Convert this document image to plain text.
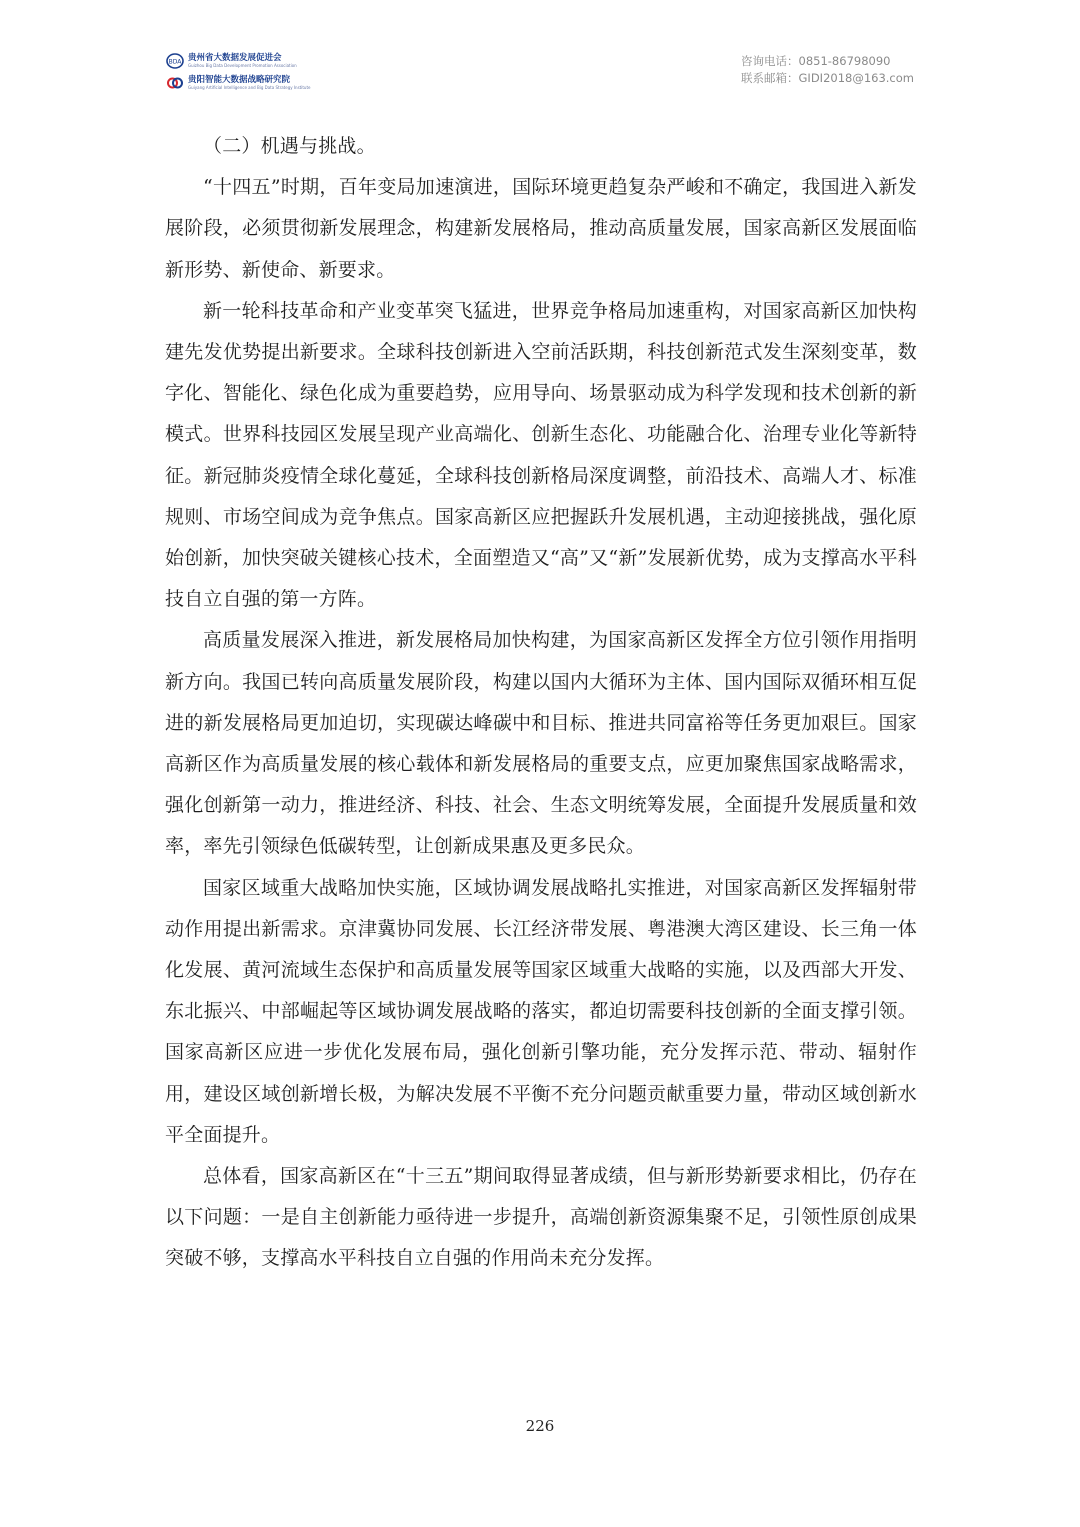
BDA 贵州省大数据发展促进会
Guizhou Big Data Development Promotion Association
贵阳智能大数据战略研究院
Guiyang Artificial Intelligence and Big Data Strategy Institute
咨询电话：0851-86798090
联系邮箱：GIDI2018@163.com

（二）机遇与挑战。

“十四五”时期，百年变局加速演进，国际环境更趋复杂严峻和不确定，我国进入新发展阶段，必须贯彻新发展理念，构建新发展格局，推动高质量发展，国家高新区发展面临新形势、新使命、新要求。

新一轮科技革命和产业变革突飞猛进，世界竞争格局加速重构，对国家高新区加快构建先发优势提出新要求。全球科技创新进入空前活跃期，科技创新范式发生深刻变革，数字化、智能化、绿色化成为重要趋势，应用导向、场景驱动成为科学发现和技术创新的新模式。世界科技园区发展呈现产业高端化、创新生态化、功能融合化、治理专业化等新特征。新冠肺炎疫情全球化蔓延，全球科技创新格局深度调整，前沿技术、高端人才、标准规则、市场空间成为竞争焦点。国家高新区应把握跃升发展机遇，主动迎接挑战，强化原始创新，加快突破关键核心技术，全面塑造又“高”又“新”发展新优势，成为支撑高水平科技自立自强的第一方阵。

高质量发展深入推进，新发展格局加快构建，为国家高新区发挥全方位引领作用指明新方向。我国已转向高质量发展阶段，构建以国内大循环为主体、国内国际双循环相互促进的新发展格局更加迫切，实现碳达峰碳中和目标、推进共同富裕等任务更加艰巨。国家高新区作为高质量发展的核心载体和新发展格局的重要支点，应更加聚焦国家战略需求，强化创新第一动力，推进经济、科技、社会、生态文明统筹发展，全面提升发展质量和效率，率先引领绿色低碳转型，让创新成果惠及更多民众。

国家区域重大战略加快实施，区域协调发展战略扎实推进，对国家高新区发挥辐射带动作用提出新需求。京津冀协同发展、长江经济带发展、粤港澳大湾区建设、长三角一体化发展、黄河流域生态保护和高质量发展等国家区域重大战略的实施，以及西部大开发、东北振兴、中部崛起等区域协调发展战略的落实，都迫切需要科技创新的全面支撑引领。国家高新区应进一步优化发展布局，强化创新引擎功能，充分发挥示范、带动、辐射作用，建设区域创新增长极，为解决发展不平衡不充分问题贡献重要力量，带动区域创新水平全面提升。

总体看，国家高新区在“十三五”期间取得显著成绩，但与新形势新要求相比，仍存在以下问题：一是自主创新能力亟待进一步提升，高端创新资源集聚不足，引领性原创成果突破不够，支撑高水平科技自立自强的作用尚未充分发挥。

226
